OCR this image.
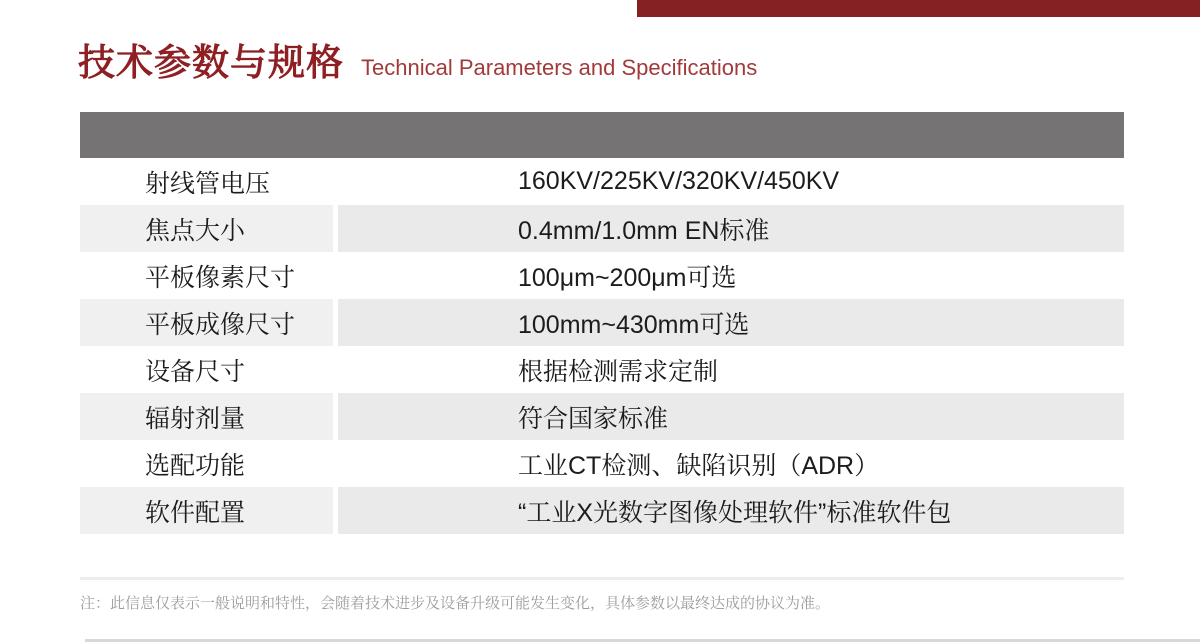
技术参数与规格 Technical Parameters and Specifications
射线管电压	160KV/225KV/320KV/450KV
焦点大小	0.4mm/1.0mm EN标准
平板像素尺寸	100μm~200μm可选
平板成像尺寸	100mm~430mm可选
设备尺寸	根据检测需求定制
辐射剂量	符合国家标准
选配功能	工业CT检测、缺陷识别（ADR）
软件配置	“工业X光数字图像处理软件”标准软件包

注：此信息仅表示一般说明和特性，会随着技术进步及设备升级可能发生变化，具体参数以最终达成的协议为准。
